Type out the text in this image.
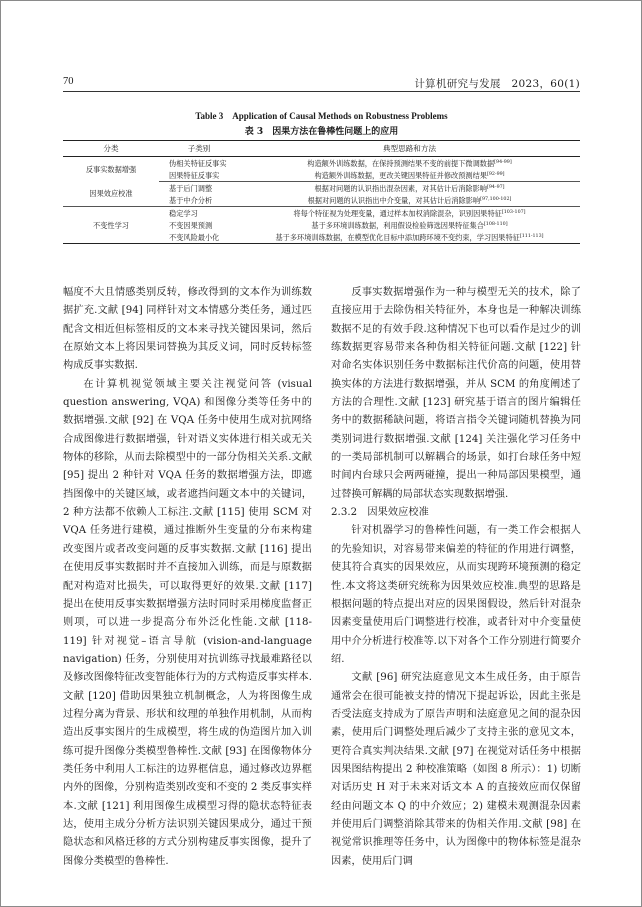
70	计算机研究与发展　2023，60(1)
Table 3　Application of Causal Methods on Robustness Problems
表 3　因果方法在鲁棒性问题上的应用
分类	子类别	典型思路和方法
反事实数据增强	伪相关特征反事实	构造额外训练数据，在保持预测结果不变的前提下微调数据[94-99]
	因果特征反事实	构造额外训练数据，更改关键因果特征并修改预测结果[92-99]
因果效应校准	基于后门调整	根据对问题的认识指出混杂因素，对其估计后消除影响[94-97]
	基于中介分析	根据对问题的认识指出中介变量，对其估计后消除影响[97,100-102]
不变性学习	稳定学习	将每个特征视为处理变量，通过样本加权消除混杂，识别因果特征[103-107]
	不变因果预测	基于多环境训练数据，利用假设检验筛选因果特征集合[108-110]
	不变风险最小化	基于多环境训练数据，在模型优化目标中添加跨环境不变约束，学习因果特征[111-113]

幅度不大且情感类别反转，修改得到的文本作为训练数据扩充.文献 [94] 同样针对文本情感分类任务，通过匹配含文相近但标签相反的文本来寻找关键因果词，然后在原始文本上将因果词替换为其反义词，同时反转标签构成反事实数据.

在计算机视觉领域主要关注视觉问答 (visual question answering, VQA) 和图像分类等任务中的数据增强.文献 [92] 在 VQA 任务中使用生成对抗网络合成图像进行数据增强，针对语义实体进行相关或无关物体的移除，从而去除模型中的一部分伪相关关系.文献 [95] 提出 2 种针对 VQA 任务的数据增强方法，即遮挡图像中的关键区域，或者遮挡问题文本中的关键词，2 种方法都不依赖人工标注.文献 [115] 使用 SCM 对 VQA 任务进行建模，通过推断外生变量的分布来构建改变图片或者改变问题的反事实数据.文献 [116] 提出在使用反事实数据时并不直接加入训练，而是与原数据配对构造对比损失，可以取得更好的效果.文献 [117] 提出在使用反事实数据增强方法时同时采用梯度监督正则项，可以进一步提高分布外泛化性能.文献 [118-119] 针对视觉–语言导航 (vision-and-language navigation) 任务，分别使用对抗训练寻找最难路径以及修改图像特征改变智能体行为的方式构造反事实样本.文献 [120] 借助因果独立机制概念，人为将图像生成过程分离为背景、形状和纹理的单独作用机制，从而构造出反事实图片的生成模型，将生成的伪造图片加入训练可提升图像分类模型鲁棒性.文献 [93] 在图像物体分类任务中利用人工标注的边界框信息，通过修改边界框内外的图像，分别构造类别改变和不变的 2 类反事实样本.文献 [121] 利用图像生成模型习得的隐状态特征表达，使用主成分分析方法识别关键因果成分，通过干预隐状态和风格迁移的方式分别构建反事实图像，提升了图像分类模型的鲁棒性.

反事实数据增强作为一种与模型无关的技术，除了直接应用于去除伪相关特征外，本身也是一种解决训练数据不足的有效手段.这种情况下也可以看作是过少的训练数据更容易带来各种伪相关特征问题.文献 [122] 针对命名实体识别任务中数据标注代价高的问题，使用替换实体的方法进行数据增强，并从 SCM 的角度阐述了方法的合理性.文献 [123] 研究基于语言的图片编辑任务中的数据稀缺问题，将语言指令关键词随机替换为同类别词进行数据增强.文献 [124] 关注强化学习任务中的一类局部机制可以解耦合的场景，如打台球任务中短时间内台球只会两两碰撞，提出一种局部因果模型，通过替换可解耦的局部状态实现数据增强.

2.3.2　因果效应校准

针对机器学习的鲁棒性问题，有一类工作会根据人的先验知识，对容易带来偏差的特征的作用进行调整，使其符合真实的因果效应，从而实现跨环境预测的稳定性.本文将这类研究统称为因果效应校准.典型的思路是根据问题的特点提出对应的因果图假设，然后针对混杂因素变量使用后门调整进行校准，或者针对中介变量使用中介分析进行校准等.以下对各个工作分别进行简要介绍.

文献 [96] 研究法庭意见文本生成任务，由于原告通常会在很可能被支持的情况下提起诉讼，因此主张是否受法庭支持成为了原告声明和法庭意见之间的混杂因素，使用后门调整处理后减少了支持主张的意见文本，更符合真实判决结果.文献 [97] 在视觉对话任务中根据因果图结构提出 2 种校准策略（如图 8 所示）：1) 切断对话历史 H 对于未来对话文本 A 的直接效应而仅保留经由问题文本 Q 的中介效应；2) 建模未观测混杂因素并使用后门调整消除其带来的伪相关作用.文献 [98] 在视觉常识推理等任务中，认为图像中的物体标签是混杂因素，使用后门调
